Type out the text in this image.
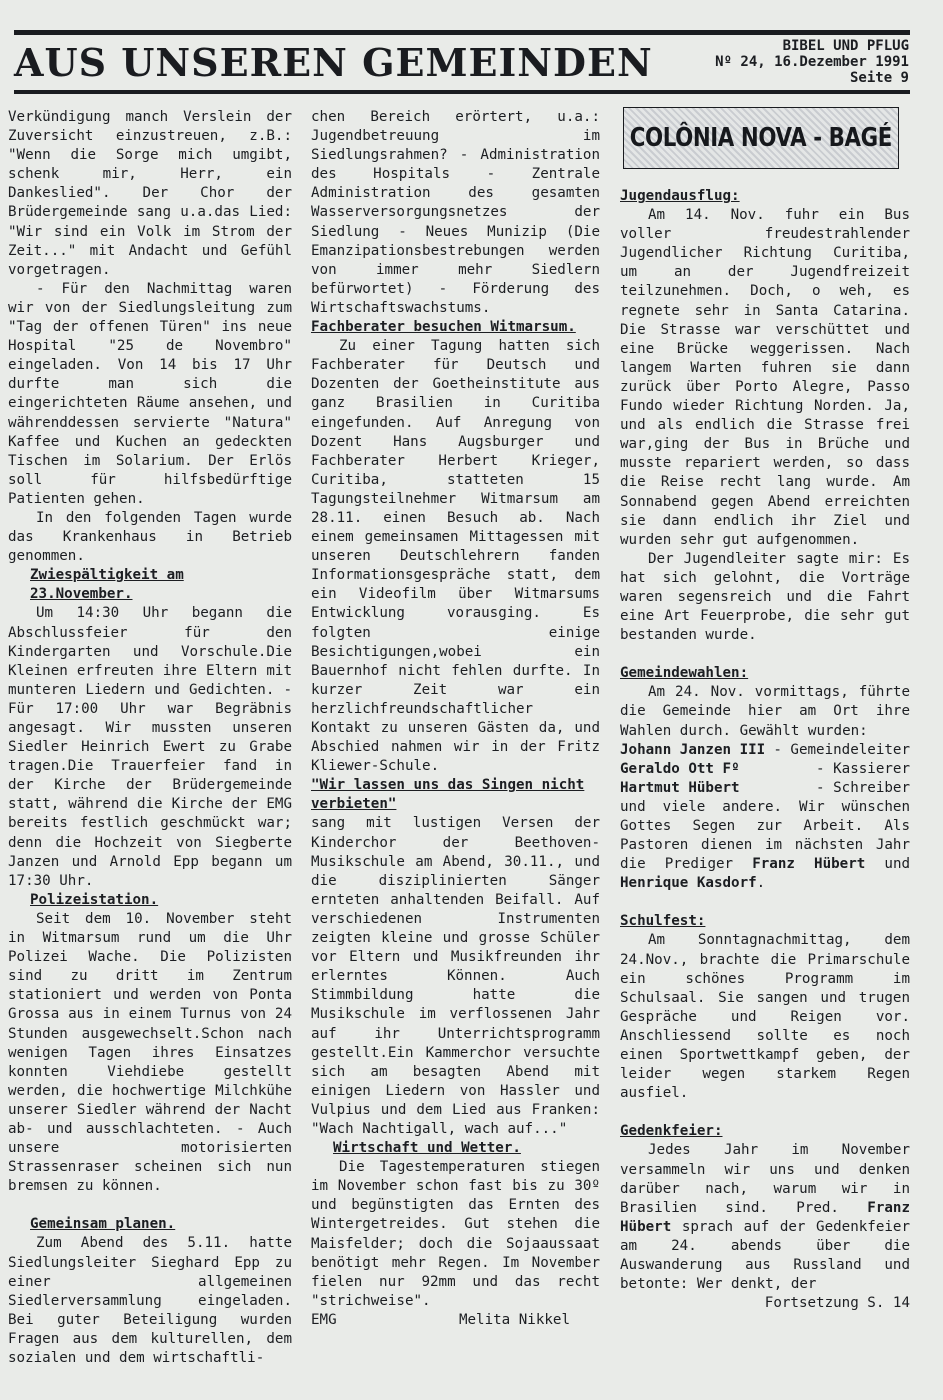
AUS UNSEREN GEMEINDEN	BIBEL UND PFLUG
Nº 24, 16.Dezember 1991
Seite 9

Verkündigung manch Verslein der Zuversicht einzustreuen, z.B.: "Wenn die Sorge mich umgibt, schenk mir, Herr, ein Dankeslied". Der Chor der Brüdergemeinde sang u.a.das Lied: "Wir sind ein Volk im Strom der Zeit..." mit Andacht und Gefühl vorgetragen.

- Für den Nachmittag waren wir von der Siedlungsleitung zum "Tag der offenen Türen" ins neue Hospital "25 de Novembro" eingeladen. Von 14 bis 17 Uhr durfte man sich die eingerichteten Räume ansehen, und währenddessen servierte "Natura" Kaffee und Kuchen an gedeckten Tischen im Solarium. Der Erlös soll für hilfsbedürftige Patienten gehen.

In den folgenden Tagen wurde das Krankenhaus in Betrieb genommen.

Zwiespältigkeit am 23.November.

Um 14:30 Uhr begann die Abschlussfeier für den Kindergarten und Vorschule.Die Kleinen erfreuten ihre Eltern mit munteren Liedern und Gedichten. - Für 17:00 Uhr war Begräbnis angesagt. Wir mussten unseren Siedler Heinrich Ewert zu Grabe tragen.Die Trauerfeier fand in der Kirche der Brüdergemeinde statt, während die Kirche der EMG bereits festlich geschmückt war; denn die Hochzeit von Siegberte Janzen und Arnold Epp begann um 17:30 Uhr.

Polizeistation.

Seit dem 10. November steht in Witmarsum rund um die Uhr Polizei Wache. Die Polizisten sind zu dritt im Zentrum stationiert und werden von Ponta Grossa aus in einem Turnus von 24 Stunden ausgewechselt.Schon nach wenigen Tagen ihres Einsatzes konnten Viehdiebe gestellt werden, die hochwertige Milchkühe unserer Siedler während der Nacht ab- und ausschlachteten. - Auch unsere motorisierten Strassenraser scheinen sich nun bremsen zu können.

Gemeinsam planen.

Zum Abend des 5.11. hatte Siedlungsleiter Sieghard Epp zu einer allgemeinen Siedlerversammlung eingeladen. Bei guter Beteiligung wurden Fragen aus dem kulturellen, dem sozialen und dem wirtschaftli-

chen Bereich erörtert, u.a.: Jugendbetreuung im Siedlungsrahmen? - Administration des Hospitals - Zentrale Administration des gesamten Wasserversorgungsnetzes der Siedlung - Neues Munizip (Die Emanzipationsbestrebungen werden von immer mehr Siedlern befürwortet) - Förderung des Wirtschaftswachstums.

Fachberater besuchen Witmarsum.

Zu einer Tagung hatten sich Fachberater für Deutsch und Dozenten der Goetheinstitute aus ganz Brasilien in Curitiba eingefunden. Auf Anregung von Dozent Hans Augsburger und Fachberater Herbert Krieger, Curitiba, statteten 15 Tagungsteilnehmer Witmarsum am 28.11. einen Besuch ab. Nach einem gemeinsamen Mittagessen mit unseren Deutschlehrern fanden Informationsgespräche statt, dem ein Videofilm über Witmarsums Entwicklung vorausging. Es folgten einige Besichtigungen,wobei ein Bauernhof nicht fehlen durfte. In kurzer Zeit war ein herzlichfreundschaftlicher Kontakt zu unseren Gästen da, und Abschied nahmen wir in der Fritz Kliewer-Schule.

"Wir lassen uns das Singen nicht verbieten"

sang mit lustigen Versen der Kinderchor der Beethoven-Musikschule am Abend, 30.11., und die disziplinierten Sänger ernteten anhaltenden Beifall. Auf verschiedenen Instrumenten zeigten kleine und grosse Schüler vor Eltern und Musikfreunden ihr erlerntes Können. Auch Stimmbildung hatte die Musikschule im verflossenen Jahr auf ihr Unterrichtsprogramm gestellt.Ein Kammerchor versuchte sich am besagten Abend mit einigen Liedern von Hassler und Vulpius und dem Lied aus Franken: "Wach Nachtigall, wach auf..."

Wirtschaft und Wetter.

Die Tagestemperaturen stiegen im November schon fast bis zu 30º und begünstigten das Ernten des Wintergetreides. Gut stehen die Maisfelder; doch die Sojaaussaat benötigt mehr Regen. Im November fielen nur 92mm und das recht "strichweise".

EMG	Melita Nikkel
COLÔNIA NOVA - BAGÉ
Jugendausflug:

Am 14. Nov. fuhr ein Bus voller freudestrahlender Jugendlicher Richtung Curitiba, um an der Jugendfreizeit teilzunehmen. Doch, o weh, es regnete sehr in Santa Catarina. Die Strasse war verschüttet und eine Brücke weggerissen. Nach langem Warten fuhren sie dann zurück über Porto Alegre, Passo Fundo wieder Richtung Norden. Ja, und als endlich die Strasse frei war,ging der Bus in Brüche und musste repariert werden, so dass die Reise recht lang wurde. Am Sonnabend gegen Abend erreichten sie dann endlich ihr Ziel und wurden sehr gut aufgenommen.

Der Jugendleiter sagte mir: Es hat sich gelohnt, die Vorträge waren segensreich und die Fahrt eine Art Feuerprobe, die sehr gut bestanden wurde.

Gemeindewahlen:

Am 24. Nov. vormittags, führte die Gemeinde hier am Ort ihre Wahlen durch. Gewählt wurden:

Johann Janzen III - Gemeindeleiter
Geraldo Ott Fº	- Kassierer
Hartmut Hübert	- Schreiber

und viele andere. Wir wünschen Gottes Segen zur Arbeit. Als Pastoren dienen im nächsten Jahr die Prediger Franz Hübert und Henrique Kasdorf.

Schulfest:

Am Sonntagnachmittag, dem 24.Nov., brachte die Primarschule ein schönes Programm im Schulsaal. Sie sangen und trugen Gespräche und Reigen vor. Anschliessend sollte es noch einen Sportwettkampf geben, der leider wegen starkem Regen ausfiel.

Gedenkfeier:

Jedes Jahr im November versammeln wir uns und denken darüber nach, warum wir in Brasilien sind. Pred. Franz Hübert sprach auf der Gedenkfeier am 24. abends über die Auswanderung aus Russland und betonte: Wer denkt, der

Fortsetzung S. 14
